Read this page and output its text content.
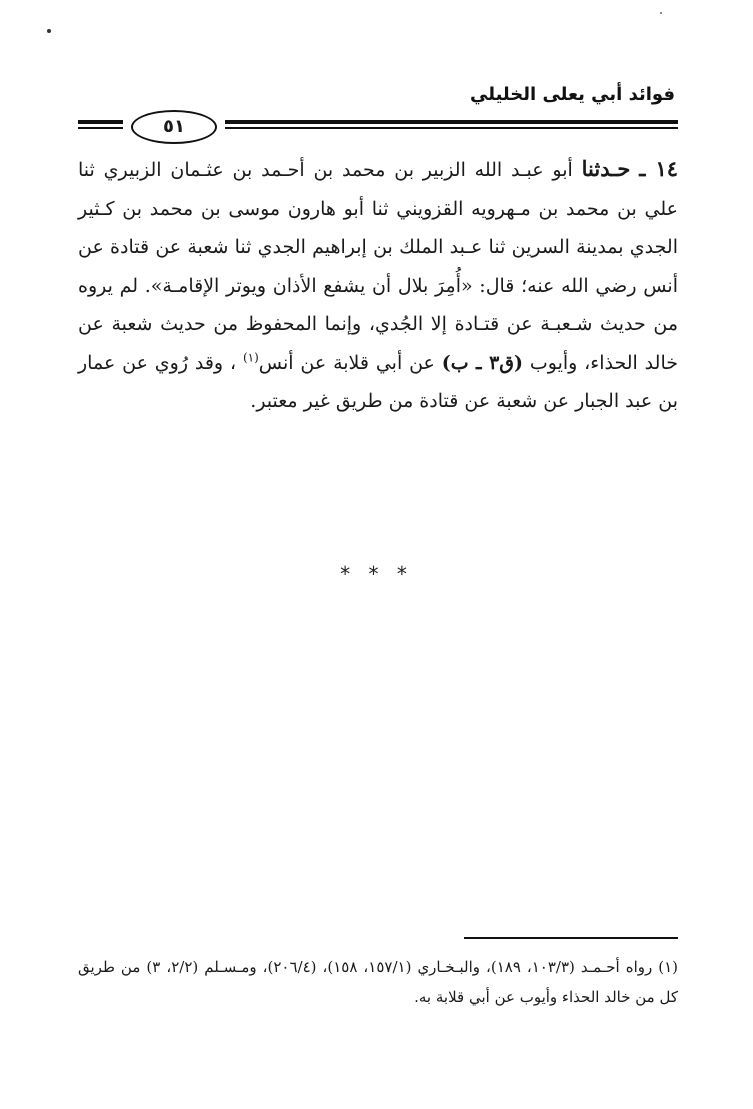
فوائد أبي يعلى الخليلي
٥١
١٤ ـ حـدثنا أبو عبـد الله الزبير بن محمد بن أحـمد بن عثـمان الزبيري ثنا علي بن محمد بن مـهرويه القزويني ثنا أبو هارون موسى بن محمد بن كـثير الجدي بمدينة السرين ثنا عـبد الملك بن إبراهيم الجدي ثنا شعبة عن قتادة عن أنس رضي الله عنه؛ قال: «أُمِرَ بلال أن يشفع الأذان ويوتر الإقامـة». لم يروه من حديث شـعبـة عن قتـادة إلا الجُدي، وإنما المحفوظ من حديث شعبة عن خالد الحذاء، وأيوب (ق٣ ـ ب) عن أبي قلابة عن أنس$^{(١)}$ ، وقد رُوي عن عمار بن عبد الجبار عن شعبة عن قتادة من طريق غير معتبر.
* * *
(١) رواه أحـمـد (١٠٣/٣، ١٨٩)، والبـخـاري (١٥٧/١، ١٥٨)، (٢٠٦/٤)، ومـسـلم (٢/٢، ٣) من طريق كل من خالد الحذاء وأيوب عن أبي قلابة به.
